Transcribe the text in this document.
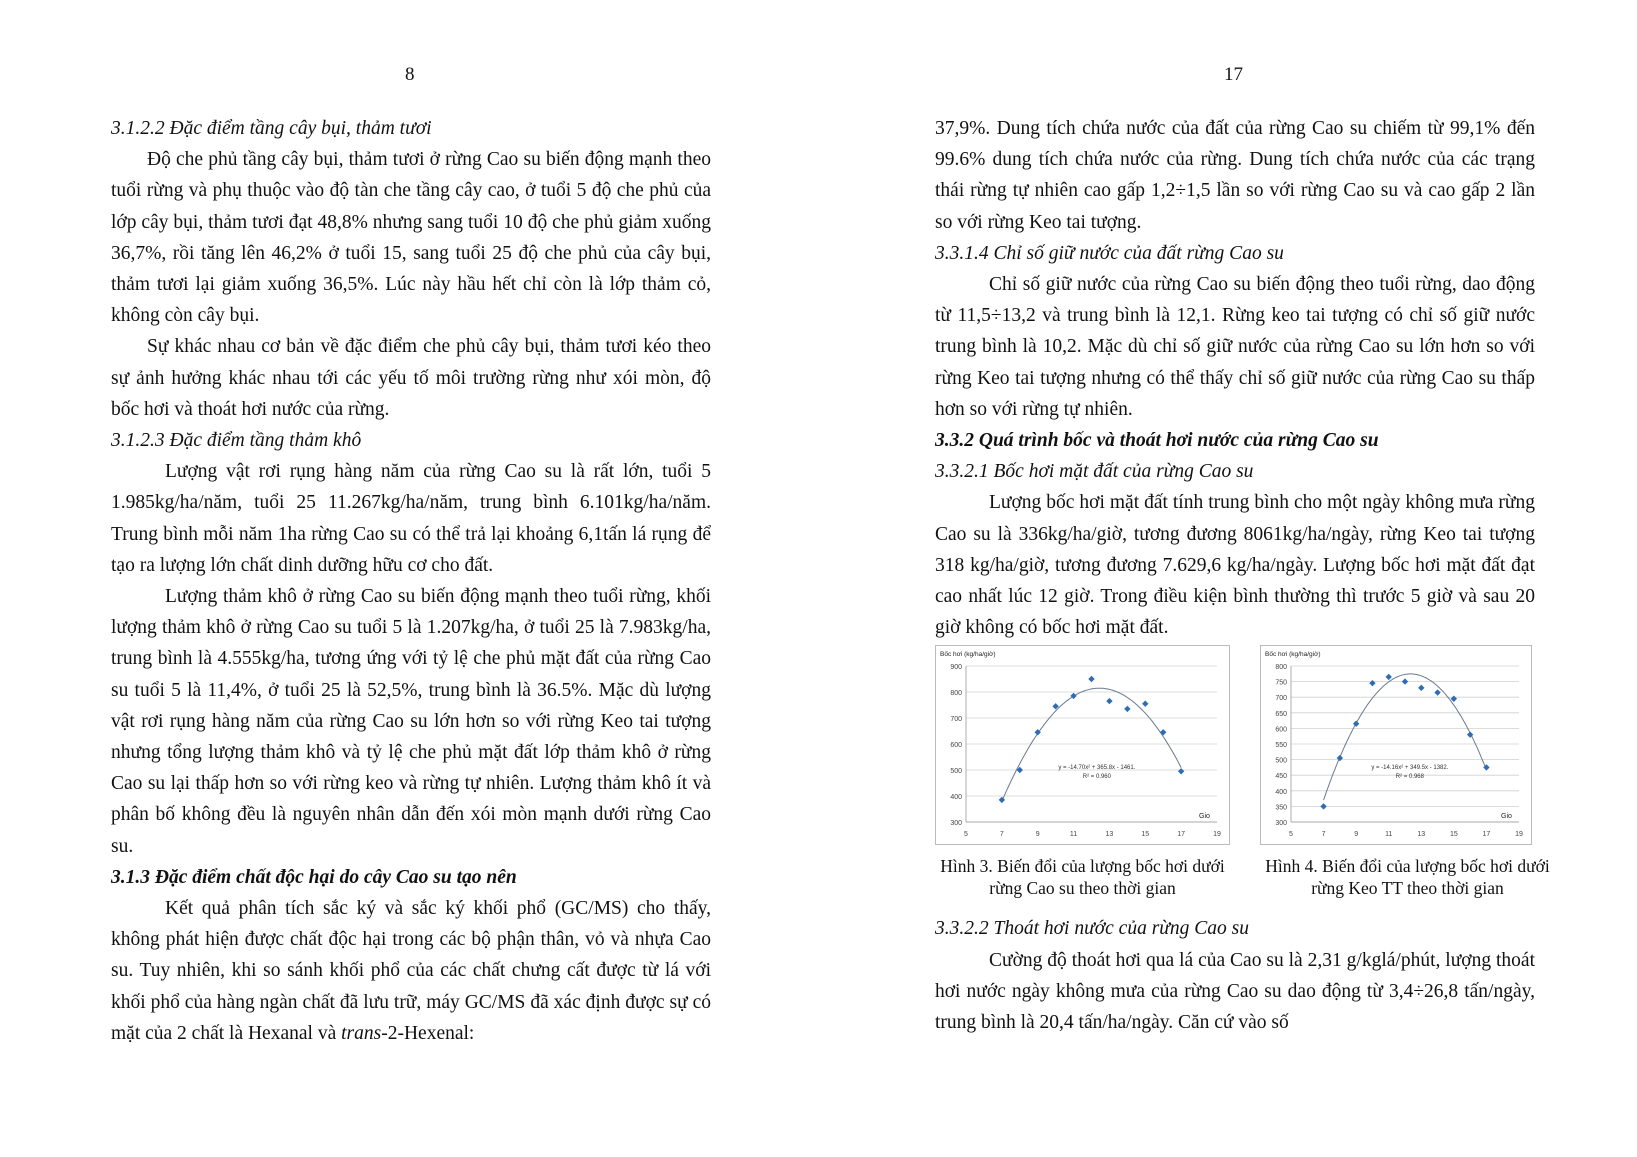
8
3.1.2.2 Đặc điểm tầng cây bụi, thảm tươi

Độ che phủ tầng cây bụi, thảm tươi ở rừng Cao su biến động mạnh theo tuổi rừng và phụ thuộc vào độ tàn che tầng cây cao, ở tuổi 5 độ che phủ của lớp cây bụi, thảm tươi đạt 48,8% nhưng sang tuổi 10 độ che phủ giảm xuống 36,7%, rồi tăng lên 46,2% ở tuổi 15, sang tuổi 25 độ che phủ của cây bụi, thảm tươi lại giảm xuống 36,5%. Lúc này hầu hết chỉ còn là lớp thảm cỏ, không còn cây bụi.

Sự khác nhau cơ bản về đặc điểm che phủ cây bụi, thảm tươi kéo theo sự ảnh hưởng khác nhau tới các yếu tố môi trường rừng như xói mòn, độ bốc hơi và thoát hơi nước của rừng.

3.1.2.3 Đặc điểm tầng thảm khô

Lượng vật rơi rụng hàng năm của rừng Cao su là rất lớn, tuổi 5 1.985kg/ha/năm, tuổi 25 11.267kg/ha/năm, trung bình 6.101kg/ha/năm. Trung bình mỗi năm 1ha rừng Cao su có thể trả lại khoảng 6,1tấn lá rụng để tạo ra lượng lớn chất dinh dưỡng hữu cơ cho đất.

Lượng thảm khô ở rừng Cao su biến động mạnh theo tuổi rừng, khối lượng thảm khô ở rừng Cao su tuổi 5 là 1.207kg/ha, ở tuổi 25 là 7.983kg/ha, trung bình là 4.555kg/ha, tương ứng với tỷ lệ che phủ mặt đất của rừng Cao su tuổi 5 là 11,4%, ở tuổi 25 là 52,5%, trung bình là 36.5%. Mặc dù lượng vật rơi rụng hàng năm của rừng Cao su lớn hơn so với rừng Keo tai tượng nhưng tổng lượng thảm khô và tỷ lệ che phủ mặt đất lớp thảm khô ở rừng Cao su lại thấp hơn so với rừng keo và rừng tự nhiên. Lượng thảm khô ít và phân bố không đều là nguyên nhân dẫn đến xói mòn mạnh dưới rừng Cao su.

3.1.3 Đặc điểm chất độc hại do cây Cao su tạo nên

Kết quả phân tích sắc ký và sắc ký khối phổ (GC/MS) cho thấy, không phát hiện được chất độc hại trong các bộ phận thân, vỏ và nhựa Cao su. Tuy nhiên, khi so sánh khối phổ của các chất chưng cất được từ lá với khối phổ của hàng ngàn chất đã lưu trữ, máy GC/MS đã xác định được sự có mặt của 2 chất là Hexanal và trans-2-Hexenal:

17

37,9%. Dung tích chứa nước của đất của rừng Cao su chiếm từ 99,1% đến 99.6% dung tích chứa nước của rừng. Dung tích chứa nước của các trạng thái rừng tự nhiên cao gấp 1,2÷1,5 lần so với rừng Cao su và cao gấp 2 lần so với rừng Keo tai tượng.

3.3.1.4 Chỉ số giữ nước của đất rừng Cao su

Chỉ số giữ nước của rừng Cao su biến động theo tuổi rừng, dao động từ 11,5÷13,2 và trung bình là 12,1. Rừng keo tai tượng có chỉ số giữ nước trung bình là 10,2. Mặc dù chỉ số giữ nước của rừng Cao su lớn hơn so với rừng Keo tai tượng nhưng có thể thấy chỉ số giữ nước của rừng Cao su thấp hơn so với rừng tự nhiên.

3.3.2 Quá trình bốc và thoát hơi nước của rừng Cao su
3.3.2.1 Bốc hơi mặt đất của rừng Cao su

Lượng bốc hơi mặt đất tính trung bình cho một ngày không mưa rừng Cao su là 336kg/ha/giờ, tương đương 8061kg/ha/ngày, rừng Keo tai tượng 318 kg/ha/giờ, tương đương 7.629,6 kg/ha/ngày. Lượng bốc hơi mặt đất đạt cao nhất lúc 12 giờ. Trong điều kiện bình thường thì trước 5 giờ và sau 20 giờ không có bốc hơi mặt đất.

300
400
500
600
700
800
900
5	7	9	11	13	15	17	19
Bốc hơi (kg/ha/giờ)
Gio
y = -14.70x² + 365.8x - 1461.
R² = 0.960
Hình 3. Biến đổi của lượng bốc hơi dưới rừng Cao su theo thời gian
300
350
400
450
500
550
600
650
700
750
800
5	7	9	11	13	15	17	19
Bốc hơi (kg/ha/giờ)
Gio
y = -14.16x² + 349.5x - 1382.
R² = 0.968
Hình 4. Biến đổi của lượng bốc hơi dưới rừng Keo TT theo thời gian
3.3.2.2 Thoát hơi nước của rừng Cao su

Cường độ thoát hơi qua lá của Cao su là 2,31 g/kglá/phút, lượng thoát hơi nước ngày không mưa của rừng Cao su dao động từ 3,4÷26,8 tấn/ngày, trung bình là 20,4 tấn/ha/ngày. Căn cứ vào số
